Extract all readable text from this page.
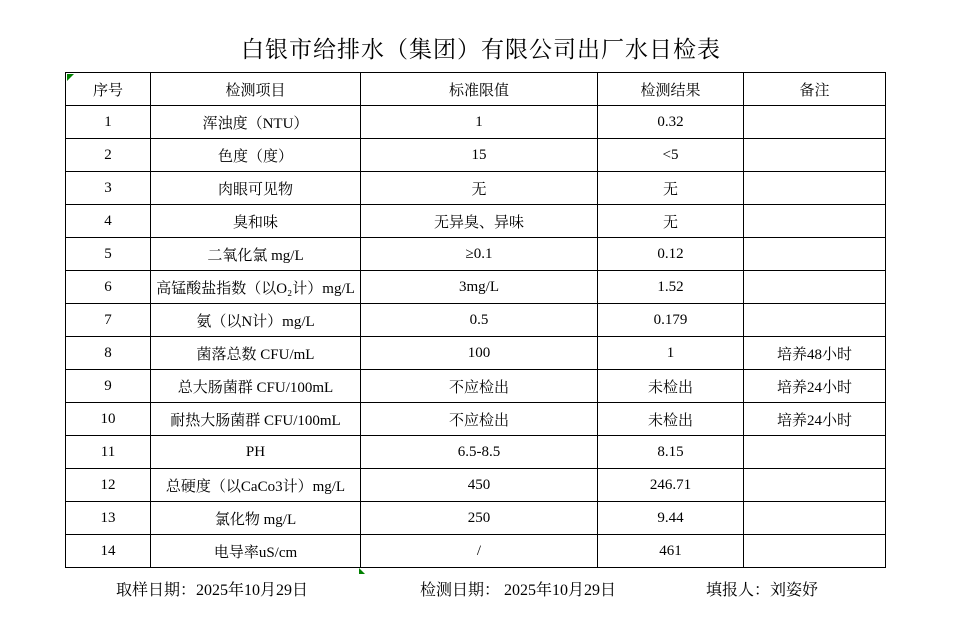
白银市给排水（集团）有限公司出厂水日检表
序号	检测项目	标准限值	检测结果	备注
1	浑浊度（NTU）	1	0.32	
2	色度（度）	15	<5	
3	肉眼可见物	无	无	
4	臭和味	无异臭、异味	无	
5	二氧化氯 mg/L	≥0.1	0.12	
6	高锰酸盐指数（以O₂计）mg/L	3mg/L	1.52	
7	氨（以N计）mg/L	0.5	0.179	
8	菌落总数 CFU/mL	100	1	培养48小时
9	总大肠菌群 CFU/100mL	不应检出	未检出	培养24小时
10	耐热大肠菌群 CFU/100mL	不应检出	未检出	培养24小时
11	PH	6.5-8.5	8.15	
12	总硬度（以CaCo3计）mg/L	450	246.71	
13	氯化物 mg/L	250	9.44	
14	电导率uS/cm	/	461	
取样日期：2025年10月29日	检测日期： 2025年10月29日	填报人：刘姿妤
